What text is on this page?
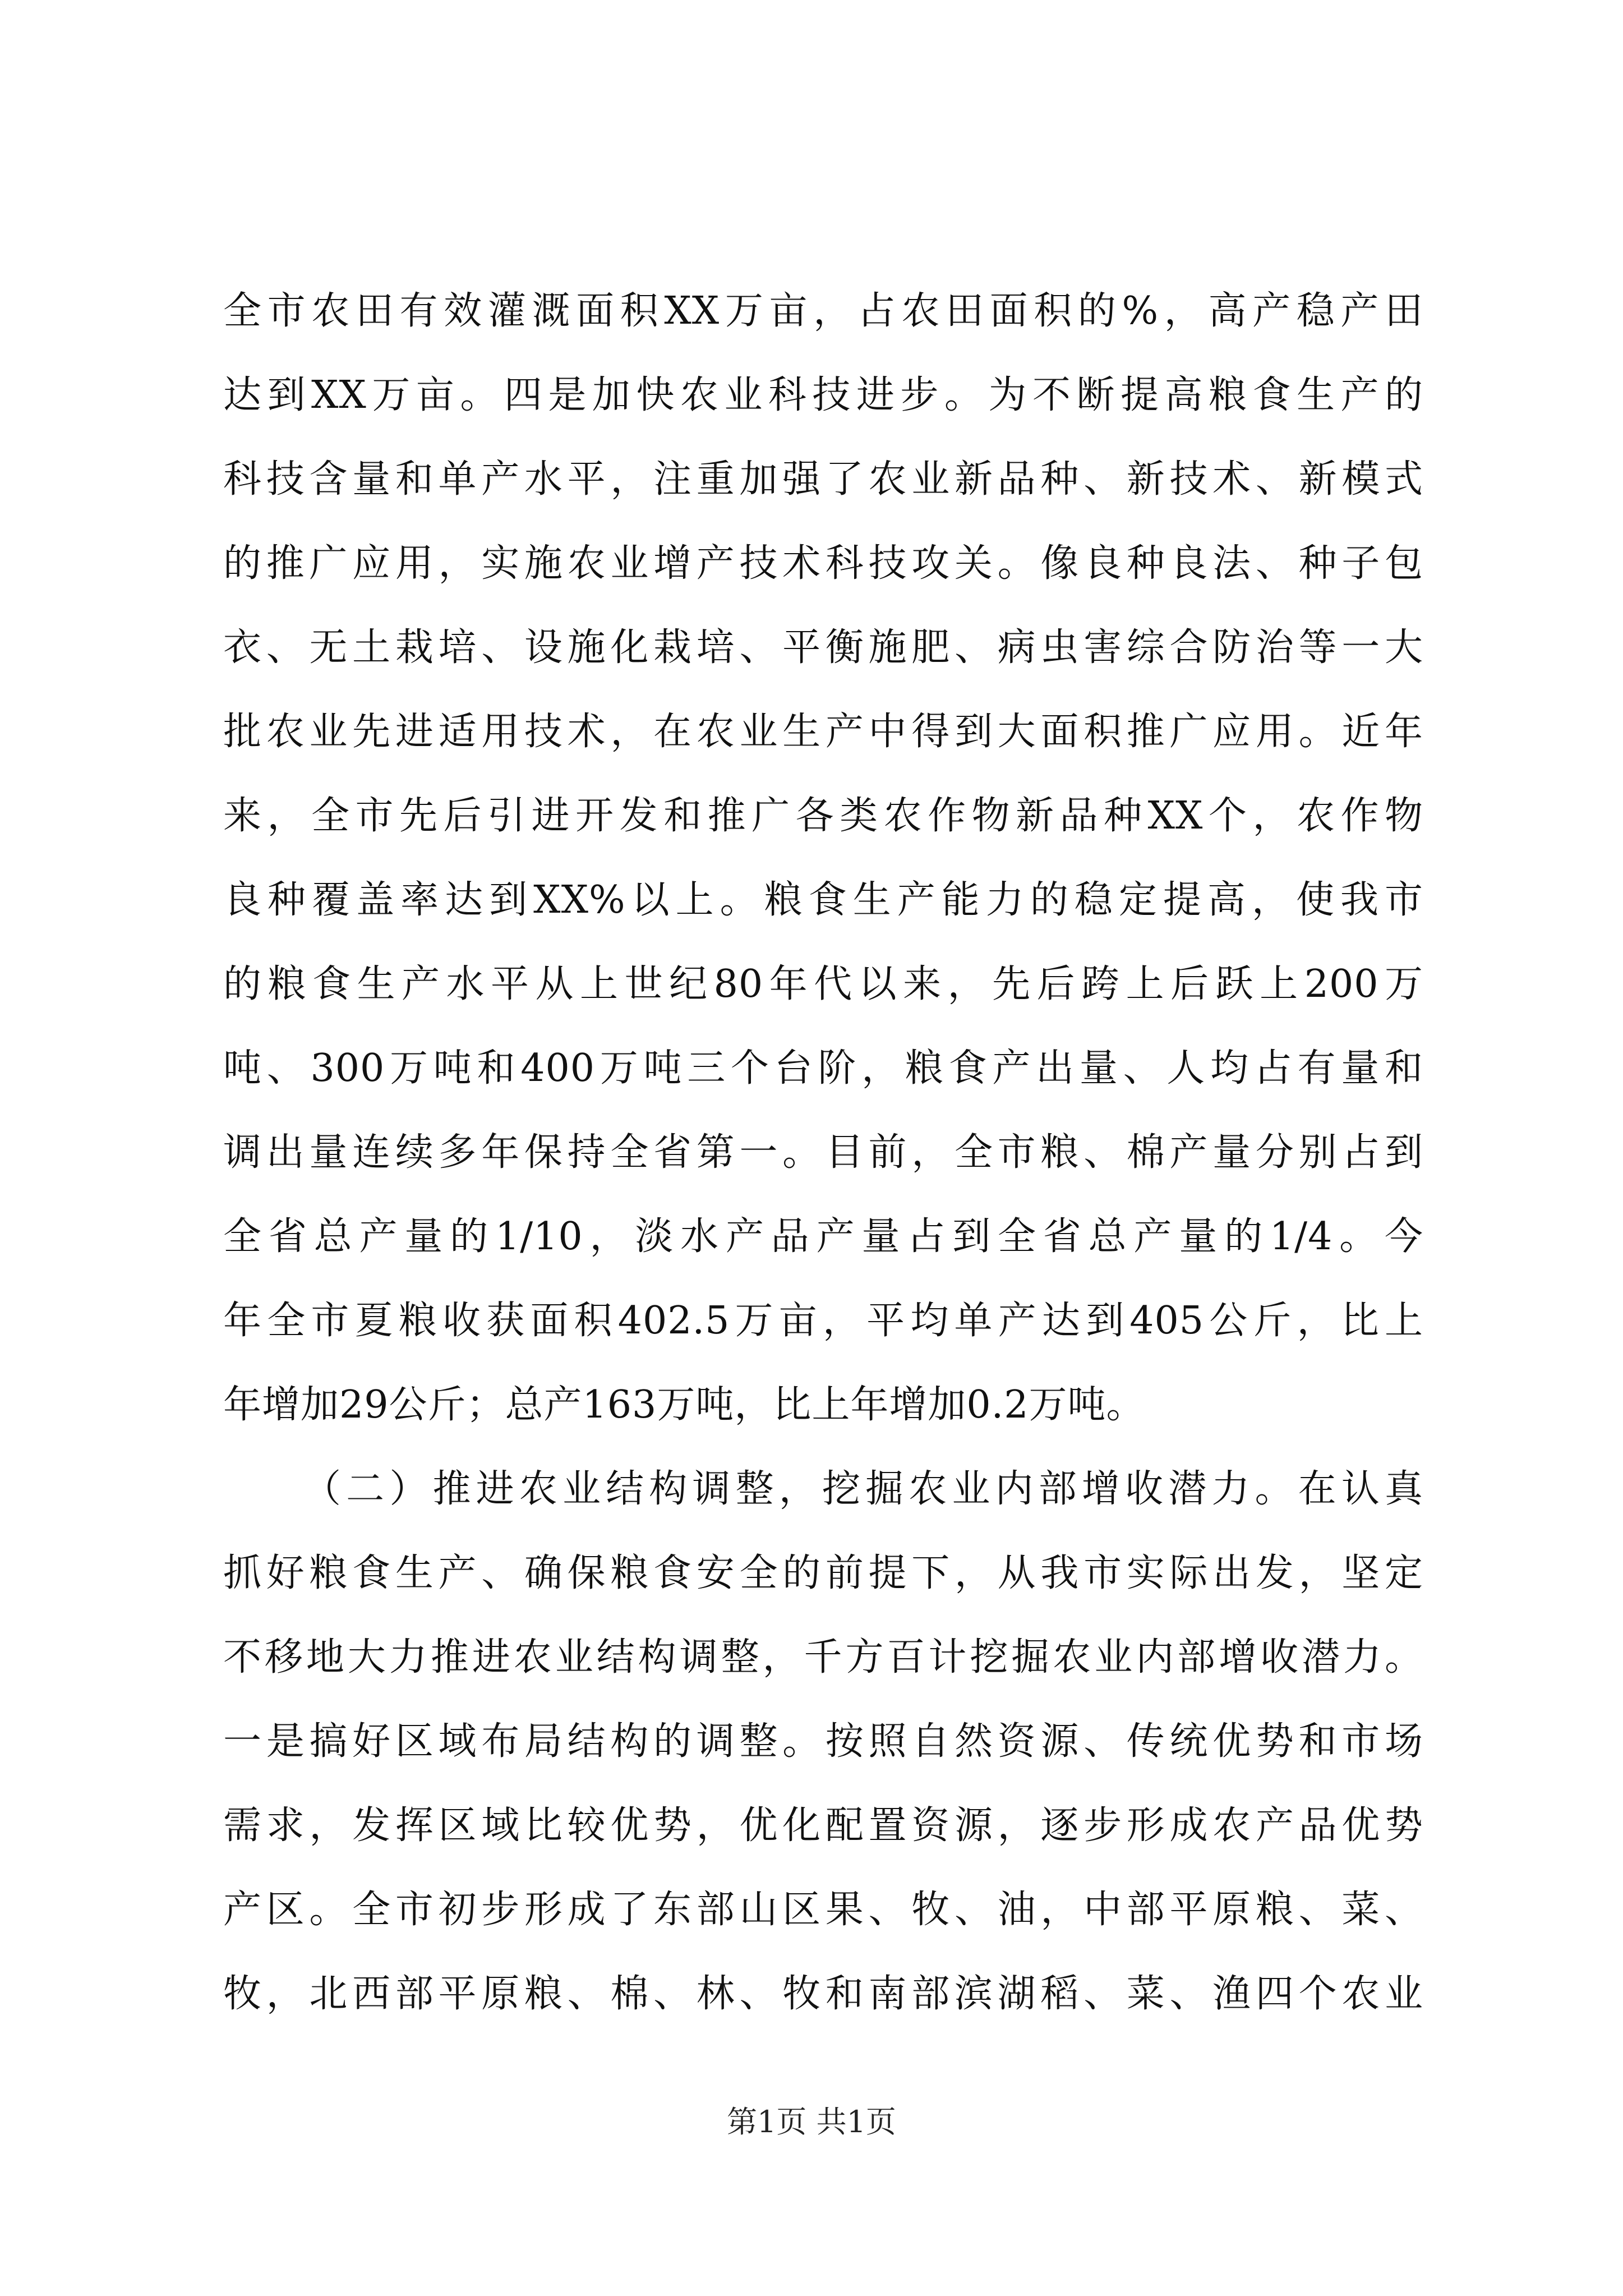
全市农田有效灌溉面积XX万亩，占农田面积的%，高产稳产田
达到XX万亩。四是加快农业科技进步。为不断提高粮食生产的
科技含量和单产水平，注重加强了农业新品种、新技术、新模式
的推广应用，实施农业增产技术科技攻关。像良种良法、种子包
衣、无土栽培、设施化栽培、平衡施肥、病虫害综合防治等一大
批农业先进适用技术，在农业生产中得到大面积推广应用。近年
来，全市先后引进开发和推广各类农作物新品种XX个，农作物
良种覆盖率达到XX%以上。粮食生产能力的稳定提高，使我市
的粮食生产水平从上世纪80年代以来，先后跨上后跃上200万
吨、300万吨和400万吨三个台阶，粮食产出量、人均占有量和
调出量连续多年保持全省第一。目前，全市粮、棉产量分别占到
全省总产量的1/10，淡水产品产量占到全省总产量的1/4。今
年全市夏粮收获面积402.5万亩，平均单产达到405公斤，比上
年增加29公斤；总产163万吨，比上年增加0.2万吨。
（二）推进农业结构调整，挖掘农业内部增收潜力。在认真
抓好粮食生产、确保粮食安全的前提下，从我市实际出发，坚定
不移地大力推进农业结构调整，千方百计挖掘农业内部增收潜力。
一是搞好区域布局结构的调整。按照自然资源、传统优势和市场
需求，发挥区域比较优势，优化配置资源，逐步形成农产品优势
产区。全市初步形成了东部山区果、牧、油，中部平原粮、菜、
牧，北西部平原粮、棉、林、牧和南部滨湖稻、菜、渔四个农业
第1页 共1页
